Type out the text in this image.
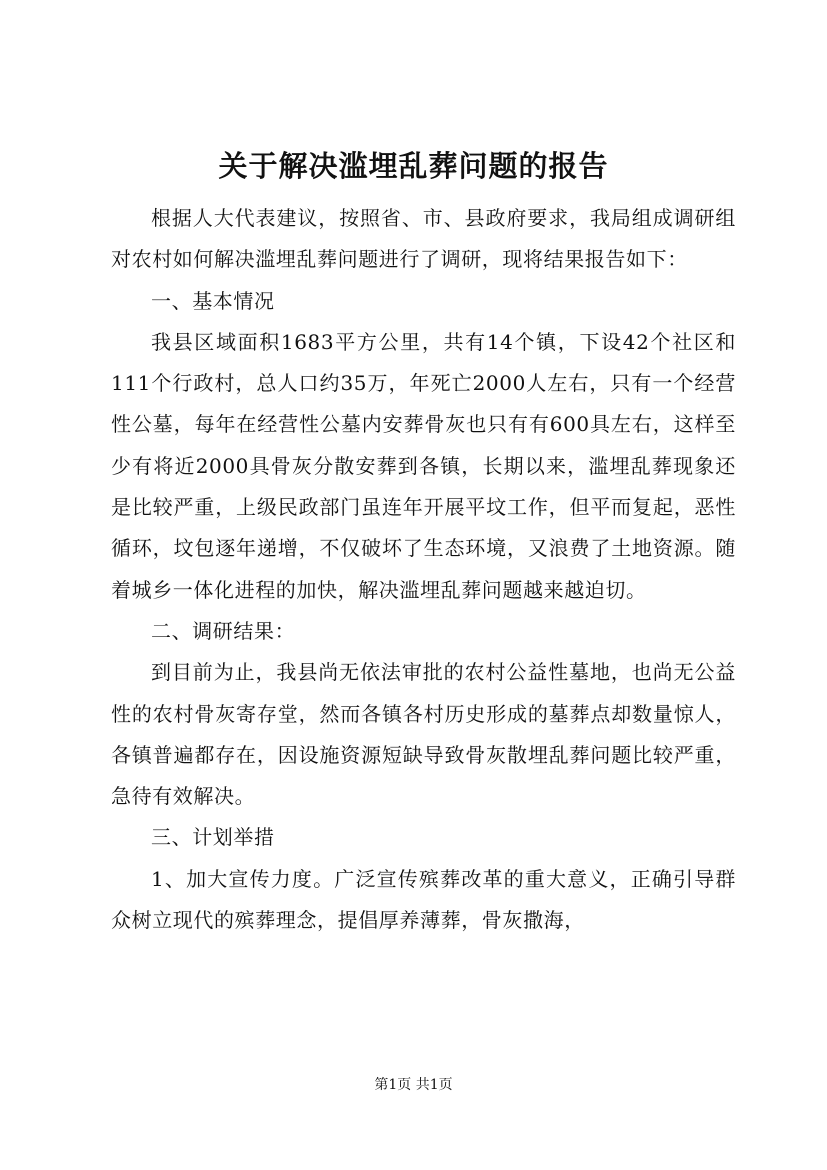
关于解决滥埋乱葬问题的报告

根据人大代表建议，按照省、市、县政府要求，我局组成调研组对农村如何解决滥埋乱葬问题进行了调研，现将结果报告如下：

一、基本情况

我县区域面积1683平方公里，共有14个镇，下设42个社区和111个行政村，总人口约35万，年死亡2000人左右，只有一个经营性公墓，每年在经营性公墓内安葬骨灰也只有有600具左右，这样至少有将近2000具骨灰分散安葬到各镇，长期以来，滥埋乱葬现象还是比较严重，上级民政部门虽连年开展平坟工作，但平而复起，恶性循环，坟包逐年递增，不仅破坏了生态环境，又浪费了土地资源。随着城乡一体化进程的加快，解决滥埋乱葬问题越来越迫切。

二、调研结果：

到目前为止，我县尚无依法审批的农村公益性墓地，也尚无公益性的农村骨灰寄存堂，然而各镇各村历史形成的墓葬点却数量惊人，各镇普遍都存在，因设施资源短缺导致骨灰散埋乱葬问题比较严重，急待有效解决。

三、计划举措

1、加大宣传力度。广泛宣传殡葬改革的重大意义，正确引导群众树立现代的殡葬理念，提倡厚养薄葬，骨灰撒海，

第1页 共1页
